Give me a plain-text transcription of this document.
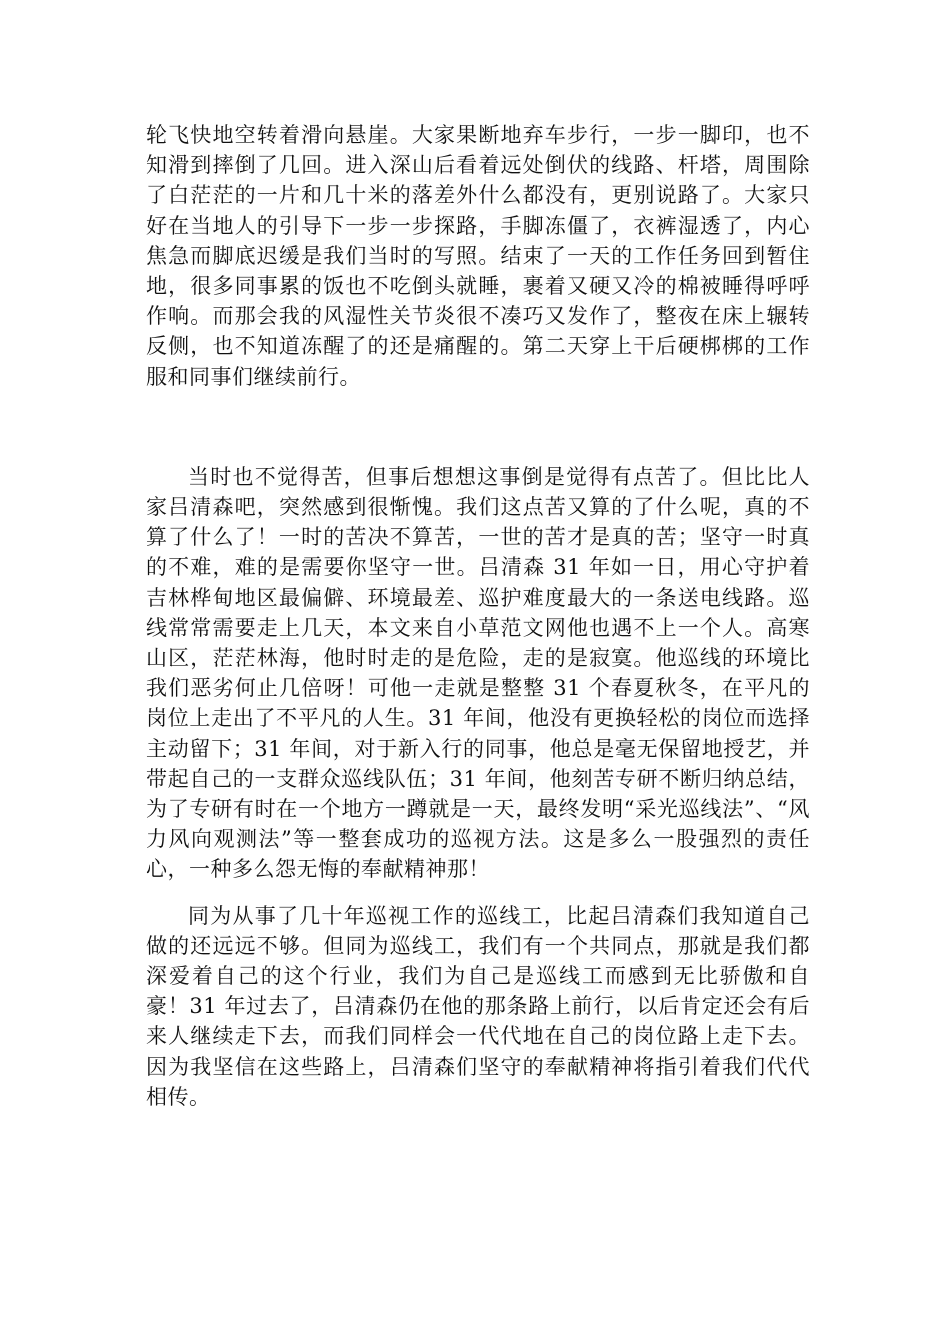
轮飞快地空转着滑向悬崖。大家果断地弃车步行，一步一脚印，也不知滑到摔倒了几回。进入深山后看着远处倒伏的线路、杆塔，周围除了白茫茫的一片和几十米的落差外什么都没有，更别说路了。大家只好在当地人的引导下一步一步探路，手脚冻僵了，衣裤湿透了，内心焦急而脚底迟缓是我们当时的写照。结束了一天的工作任务回到暂住地，很多同事累的饭也不吃倒头就睡，裹着又硬又冷的棉被睡得呼呼作响。而那会我的风湿性关节炎很不凑巧又发作了，整夜在床上辗转反侧，也不知道冻醒了的还是痛醒的。第二天穿上干后硬梆梆的工作服和同事们继续前行。

当时也不觉得苦，但事后想想这事倒是觉得有点苦了。但比比人家吕清森吧，突然感到很惭愧。我们这点苦又算的了什么呢，真的不算了什么了！一时的苦决不算苦，一世的苦才是真的苦；坚守一时真的不难，难的是需要你坚守一世。吕清森 31 年如一日，用心守护着吉林桦甸地区最偏僻、环境最差、巡护难度最大的一条送电线路。巡线常常需要走上几天，本文来自小草范文网他也遇不上一个人。高寒山区，茫茫林海，他时时走的是危险，走的是寂寞。他巡线的环境比我们恶劣何止几倍呀！可他一走就是整整 31 个春夏秋冬，在平凡的岗位上走出了不平凡的人生。31 年间，他没有更换轻松的岗位而选择主动留下；31 年间，对于新入行的同事，他总是毫无保留地授艺，并带起自己的一支群众巡线队伍；31 年间，他刻苦专研不断归纳总结，为了专研有时在一个地方一蹲就是一天，最终发明“采光巡线法”、“风力风向观测法”等一整套成功的巡视方法。这是多么一股强烈的责任心，一种多么怨无悔的奉献精神那！

同为从事了几十年巡视工作的巡线工，比起吕清森们我知道自己做的还远远不够。但同为巡线工，我们有一个共同点，那就是我们都深爱着自己的这个行业，我们为自己是巡线工而感到无比骄傲和自豪！31 年过去了，吕清森仍在他的那条路上前行，以后肯定还会有后来人继续走下去，而我们同样会一代代地在自己的岗位路上走下去。因为我坚信在这些路上，吕清森们坚守的奉献精神将指引着我们代代相传。
